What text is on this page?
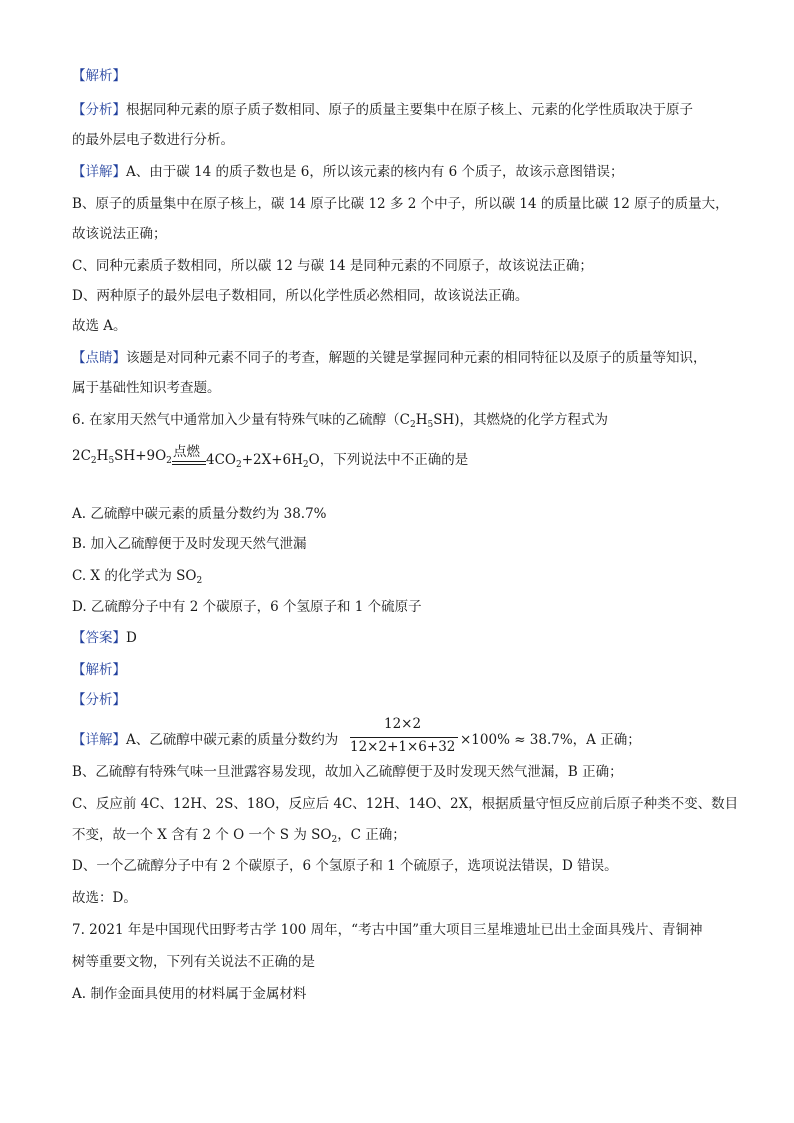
【解析】
【分析】根据同种元素的原子质子数相同、原子的质量主要集中在原子核上、元素的化学性质取决于原子
的最外层电子数进行分析。
【详解】A、由于碳 14 的质子数也是 6，所以该元素的核内有 6 个质子，故该示意图错误；
B、原子的质量集中在原子核上，碳 14 原子比碳 12 多 2 个中子，所以碳 14 的质量比碳 12 原子的质量大，
故该说法正确；
C、同种元素质子数相同，所以碳 12 与碳 14 是同种元素的不同原子，故该说法正确；
D、两种原子的最外层电子数相同，所以化学性质必然相同，故该说法正确。
故选 A。
【点睛】该题是对同种元素不同子的考查，解题的关键是掌握同种元素的相同特征以及原子的质量等知识，
属于基础性知识考查题。
6. 在家用天然气中通常加入少量有特殊气味的乙硫醇$(C_2H_5SH)$，其燃烧的化学方程式为
点燃
$2C_2H_5SH+9O_2$	$4CO_2+2X+6H_2O$，下列说法中不正确的是
A. 乙硫醇中碳元素的质量分数约为 38.7%
B. 加入乙硫醇便于及时发现天然气泄漏
C. X 的化学式为 $SO_2$
D. 乙硫醇分子中有 2 个碳原子，6 个氢原子和 1 个硫原子
【答案】D
【解析】
【分析】
【详解】A、乙硫醇中碳元素的质量分数约为
12×2
12×2+1×6+32 ×100% ≈ 38.7%，A 正确；
B、乙硫醇有特殊气味一旦泄露容易发现，故加入乙硫醇便于及时发现天然气泄漏，B 正确；
C、反应前 4C、12H、2S、18O，反应后 4C、12H、14O、2X，根据质量守恒反应前后原子种类不变、数目
不变，故一个 X 含有 2 个 O 一个 S 为 $SO_2$，C 正确；
D、一个乙硫醇分子中有 2 个碳原子，6 个氢原子和 1 个硫原子，选项说法错误，D 错误。
故选：D。
7. 2021 年是中国现代田野考古学 100 周年，“考古中国”重大项目三星堆遗址已出土金面具残片、青铜神
树等重要文物，下列有关说法不正确的是
A. 制作金面具使用的材料属于金属材料
